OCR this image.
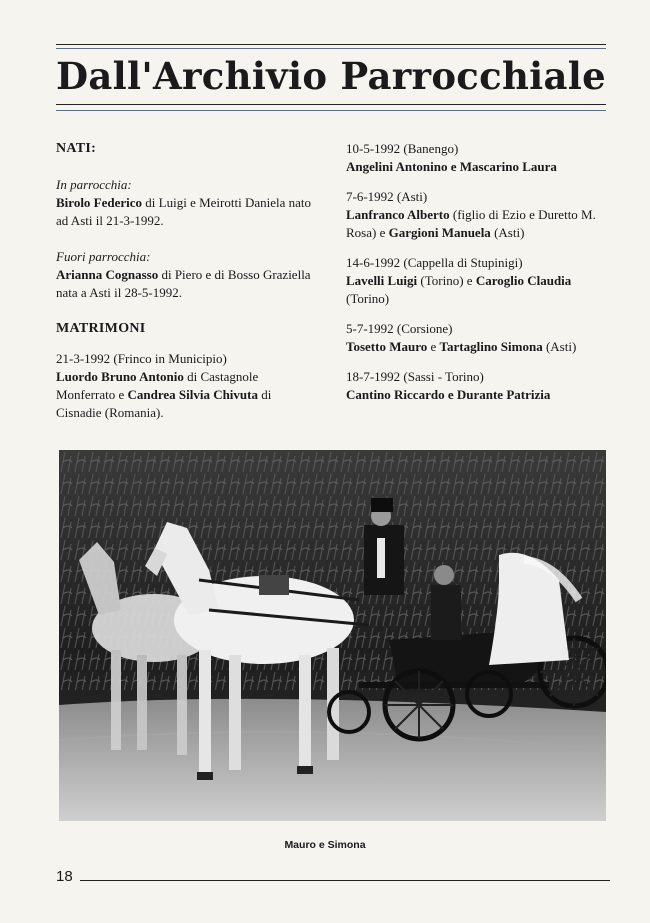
Dall'Archivio Parrocchiale

NATI:

In parrocchia:

Birolo Federico di Luigi e Meirotti Daniela nato ad Asti il 21-3-1992.

Fuori parrocchia:

Arianna Cognasso di Piero e di Bosso Graziella nata a Asti il 28-5-1992.

MATRIMONI

21-3-1992 (Frinco in Municipio)

Luordo Bruno Antonio di Castagnole Monferrato e Candrea Silvia Chivuta di Cisnadie (Romania).

10-5-1992 (Banengo)

Angelini Antonino e Mascarino Laura

7-6-1992 (Asti)

Lanfranco Alberto (figlio di Ezio e Duretto M. Rosa) e Gargioni Manuela (Asti)

14-6-1992 (Cappella di Stupinigi)

Lavelli Luigi (Torino) e Caroglio Claudia (Torino)

5-7-1992 (Corsione)

Tosetto Mauro e Tartaglino Simona (Asti)

18-7-1992 (Sassi - Torino)

Cantino Riccardo e Durante Patrizia

Mauro e Simona
18
